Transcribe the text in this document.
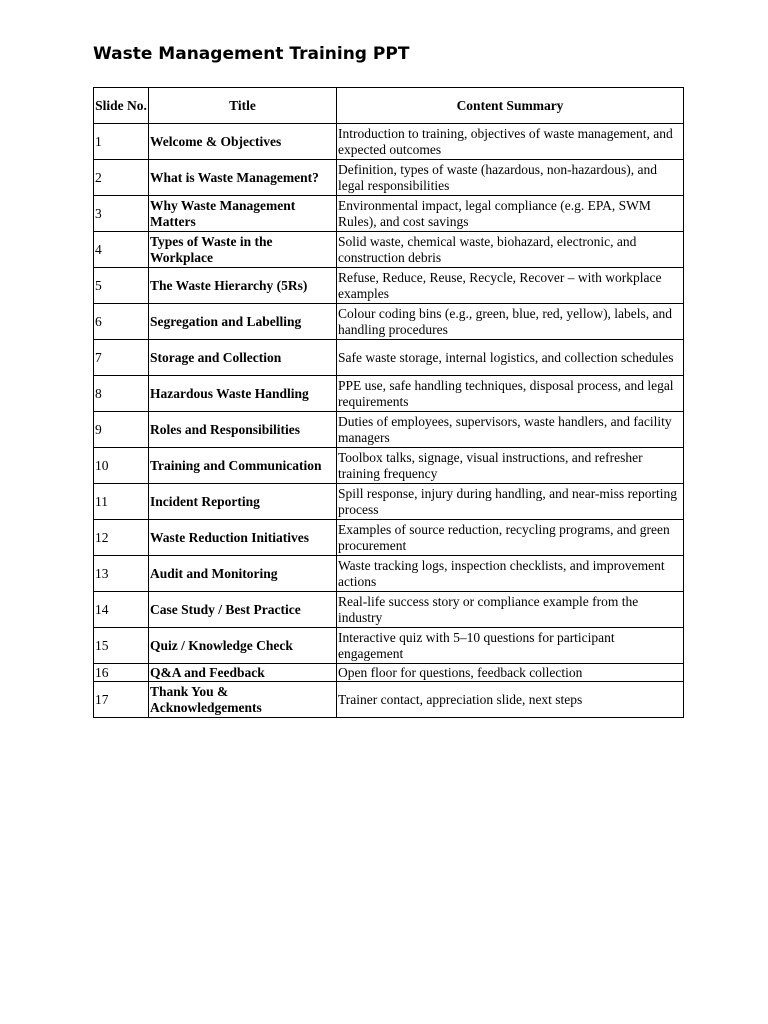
Waste Management Training PPT
Slide No.	Title	Content Summary
1	Welcome & Objectives	Introduction to training, objectives of waste management, and expected outcomes
2	What is Waste Management?	Definition, types of waste (hazardous, non-hazardous), and legal responsibilities
3	Why Waste Management Matters	Environmental impact, legal compliance (e.g. EPA, SWM Rules), and cost savings
4	Types of Waste in the Workplace	Solid waste, chemical waste, biohazard, electronic, and construction debris
5	The Waste Hierarchy (5Rs)	Refuse, Reduce, Reuse, Recycle, Recover – with workplace examples
6	Segregation and Labelling	Colour coding bins (e.g., green, blue, red, yellow), labels, and handling procedures
7	Storage and Collection	Safe waste storage, internal logistics, and collection schedules
8	Hazardous Waste Handling	PPE use, safe handling techniques, disposal process, and legal requirements
9	Roles and Responsibilities	Duties of employees, supervisors, waste handlers, and facility managers
10	Training and Communication	Toolbox talks, signage, visual instructions, and refresher training frequency
11	Incident Reporting	Spill response, injury during handling, and near-miss reporting process
12	Waste Reduction Initiatives	Examples of source reduction, recycling programs, and green procurement
13	Audit and Monitoring	Waste tracking logs, inspection checklists, and improvement actions
14	Case Study / Best Practice	Real-life success story or compliance example from the industry
15	Quiz / Knowledge Check	Interactive quiz with 5–10 questions for participant engagement
16	Q&A and Feedback	Open floor for questions, feedback collection
17	Thank You & Acknowledgements	Trainer contact, appreciation slide, next steps
